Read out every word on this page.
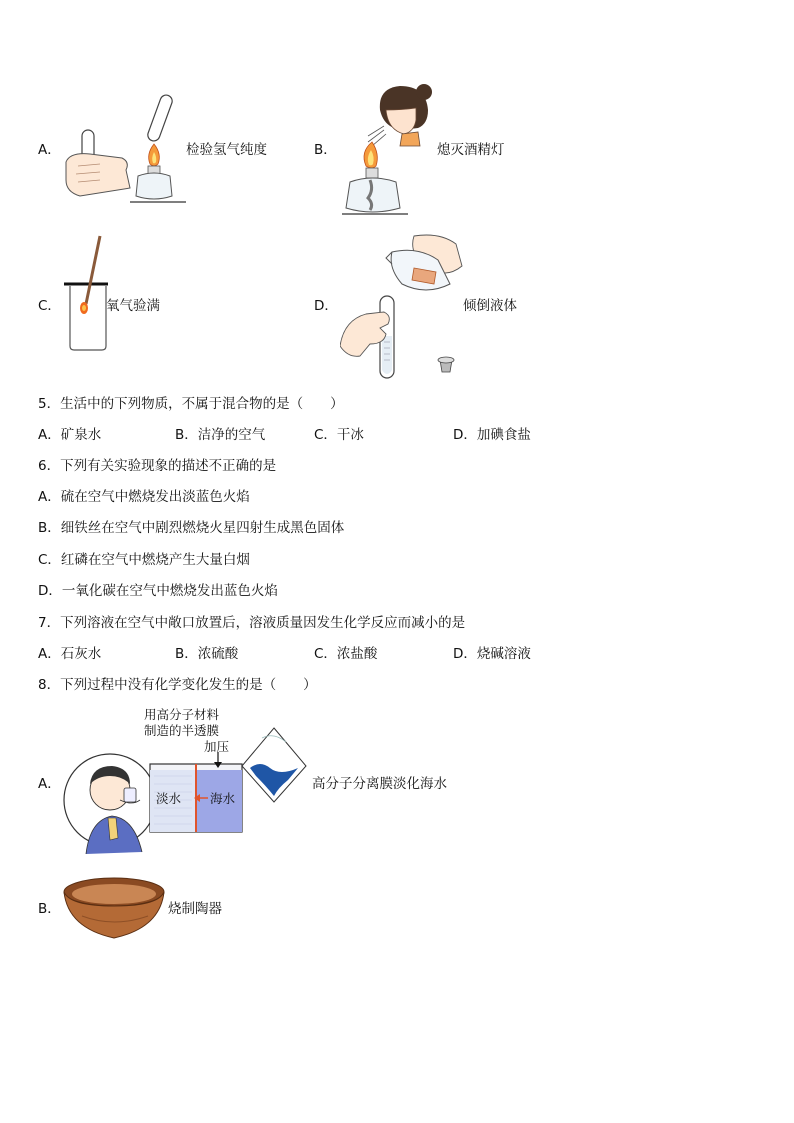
A．	检验氢气纯度	B．	熄灭酒精灯
C．	氧气验满	D．	倾倒液体
5．生活中的下列物质，不属于混合物的是（　　）
A．矿泉水	B．洁净的空气	C．干冰	D．加碘食盐
6．下列有关实验现象的描述不正确的是
A．硫在空气中燃烧发出淡蓝色火焰
B．细铁丝在空气中剧烈燃烧火星四射生成黑色固体
C．红磷在空气中燃烧产生大量白烟
D．一氧化碳在空气中燃烧发出蓝色火焰
7．下列溶液在空气中敞口放置后，溶液质量因发生化学反应而减小的是
A．石灰水	B．浓硫酸	C．浓盐酸	D．烧碱溶液
8．下列过程中没有化学变化发生的是（　　）
A．
用高分子材料
制造的半透膜
加压
淡水 海水
高分子分离膜淡化海水
B．	烧制陶器
